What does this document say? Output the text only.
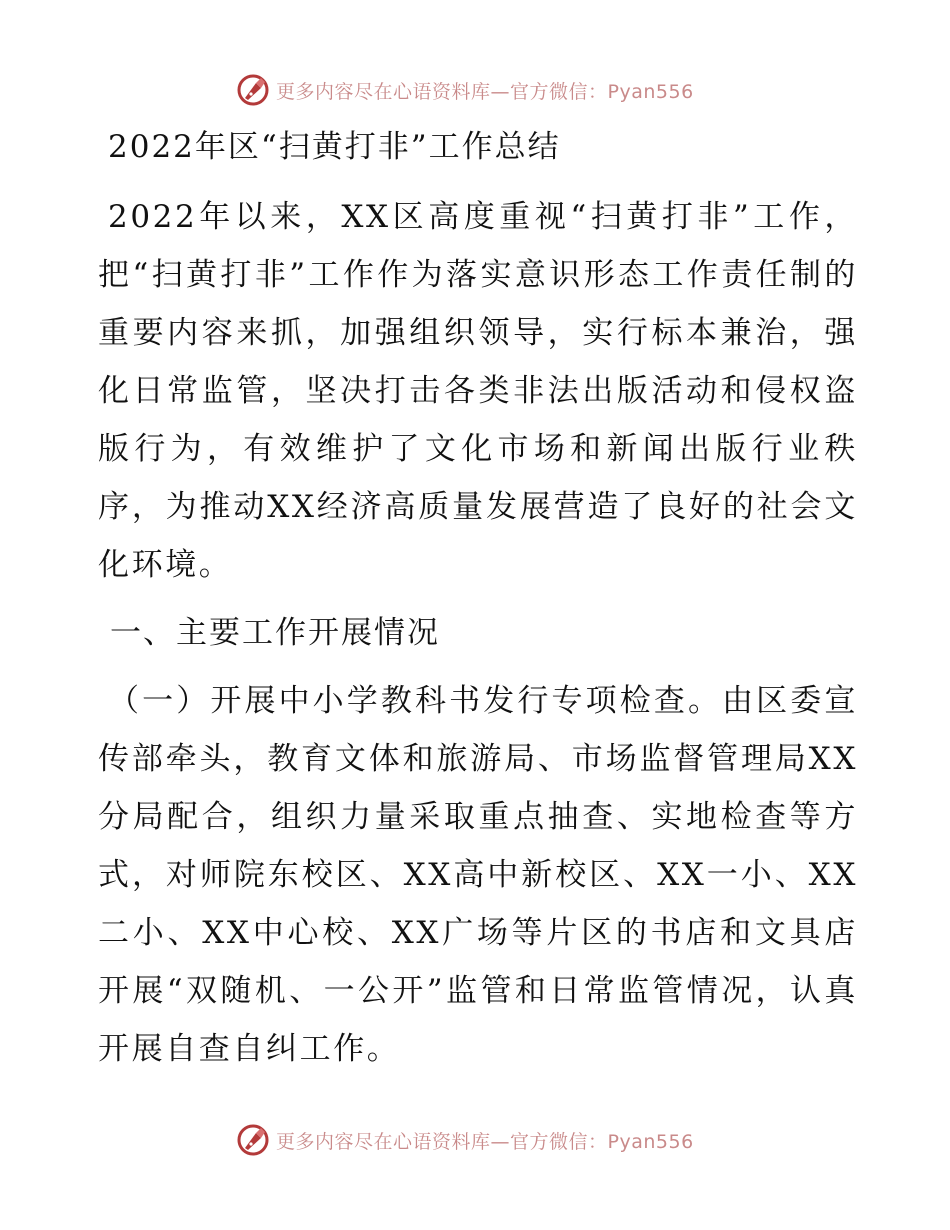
更多内容尽在心语资料库—官方微信：Pyan556
2022年区“扫黄打非”工作总结

2022年以来，XX区高度重视“扫黄打非”工作，把“扫黄打非”工作作为落实意识形态工作责任制的重要内容来抓，加强组织领导，实行标本兼治，强化日常监管，坚决打击各类非法出版活动和侵权盗版行为，有效维护了文化市场和新闻出版行业秩序，为推动XX经济高质量发展营造了良好的社会文化环境。

一、主要工作开展情况

（一）开展中小学教科书发行专项检查。由区委宣传部牵头，教育文体和旅游局、市场监督管理局XX分局配合，组织力量采取重点抽查、实地检查等方式，对师院东校区、XX高中新校区、XX一小、XX二小、XX中心校、XX广场等片区的书店和文具店开展“双随机、一公开”监管和日常监管情况，认真开展自查自纠工作。

更多内容尽在心语资料库—官方微信：Pyan556
